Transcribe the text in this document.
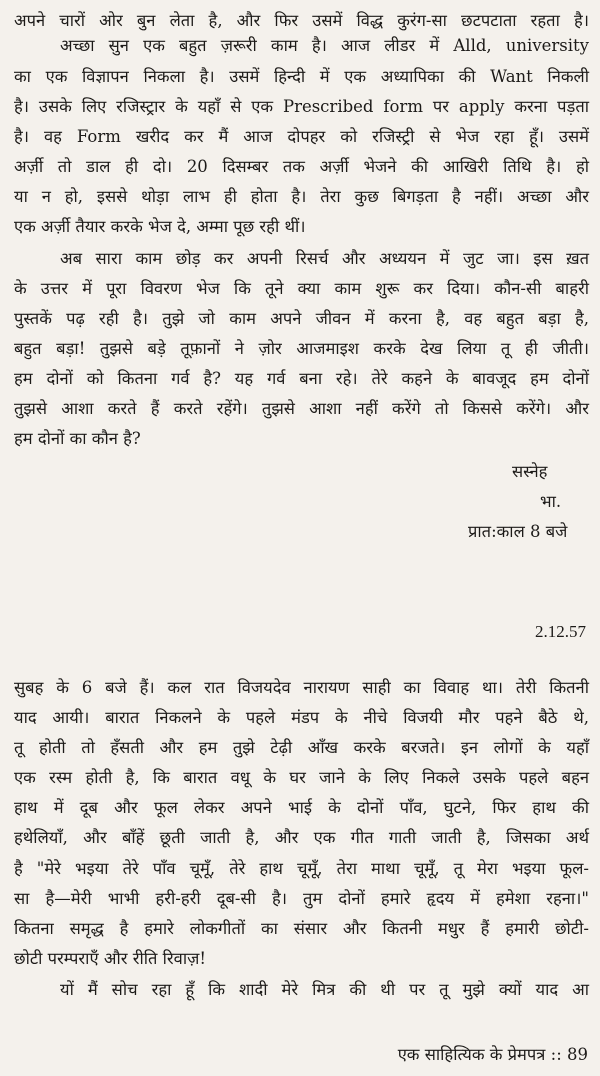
अपने चारों ओर बुन लेता है, और फिर उसमें विद्ध कुरंग-सा छटपटाता रहता है।
अच्छा सुन एक बहुत ज़रूरी काम है। आज लीडर में Alld, university
का एक विज्ञापन निकला है। उसमें हिन्दी में एक अध्यापिका की Want निकली
है। उसके लिए रजिस्ट्रार के यहाँ से एक Prescribed form पर apply करना पड़ता
है। वह Form खरीद कर मैं आज दोपहर को रजिस्ट्री से भेज रहा हूँ। उसमें
अर्ज़ी तो डाल ही दो। 20 दिसम्बर तक अर्ज़ी भेजने की आखिरी तिथि है। हो
या न हो, इससे थोड़ा लाभ ही होता है। तेरा कुछ बिगड़ता है नहीं। अच्छा और
एक अर्ज़ी तैयार करके भेज दे, अम्मा पूछ रही थीं।
अब सारा काम छोड़ कर अपनी रिसर्च और अध्ययन में जुट जा। इस ख़त
के उत्तर में पूरा विवरण भेज कि तूने क्या काम शुरू कर दिया। कौन-सी बाहरी
पुस्तकें पढ़ रही है। तुझे जो काम अपने जीवन में करना है, वह बहुत बड़ा है,
बहुत बड़ा! तुझसे बड़े तूफ़ानों ने ज़ोर आजमाइश करके देख लिया तू ही जीती।
हम दोनों को कितना गर्व है? यह गर्व बना रहे। तेरे कहने के बावजूद हम दोनों
तुझसे आशा करते हैं करते रहेंगे। तुझसे आशा नहीं करेंगे तो किससे करेंगे। और
हम दोनों का कौन है?
सस्नेह
भा.
प्रात:काल 8 बजे
2.12.57
सुबह के 6 बजे हैं। कल रात विजयदेव नारायण साही का विवाह था। तेरी कितनी
याद आयी। बारात निकलने के पहले मंडप के नीचे विजयी मौर पहने बैठे थे,
तू होती तो हँसती और हम तुझे टेढ़ी आँख करके बरजते। इन लोगों के यहाँ
एक रस्म होती है, कि बारात वधू के घर जाने के लिए निकले उसके पहले बहन
हाथ में दूब और फूल लेकर अपने भाई के दोनों पाँव, घुटने, फिर हाथ की
हथेलियाँ, और बाँहें छूती जाती है, और एक गीत गाती जाती है, जिसका अर्थ
है "मेरे भइया तेरे पाँव चूमूँ, तेरे हाथ चूमूँ, तेरा माथा चूमूँ, तू मेरा भइया फूल-
सा है—मेरी भाभी हरी-हरी दूब-सी है। तुम दोनों हमारे हृदय में हमेशा रहना।"
कितना समृद्ध है हमारे लोकगीतों का संसार और कितनी मधुर हैं हमारी छोटी-
छोटी परम्पराएँ और रीति रिवाज़!
यों मैं सोच रहा हूँ कि शादी मेरे मित्र की थी पर तू मुझे क्यों याद आ
एक साहित्यिक के प्रेमपत्र :: 89
